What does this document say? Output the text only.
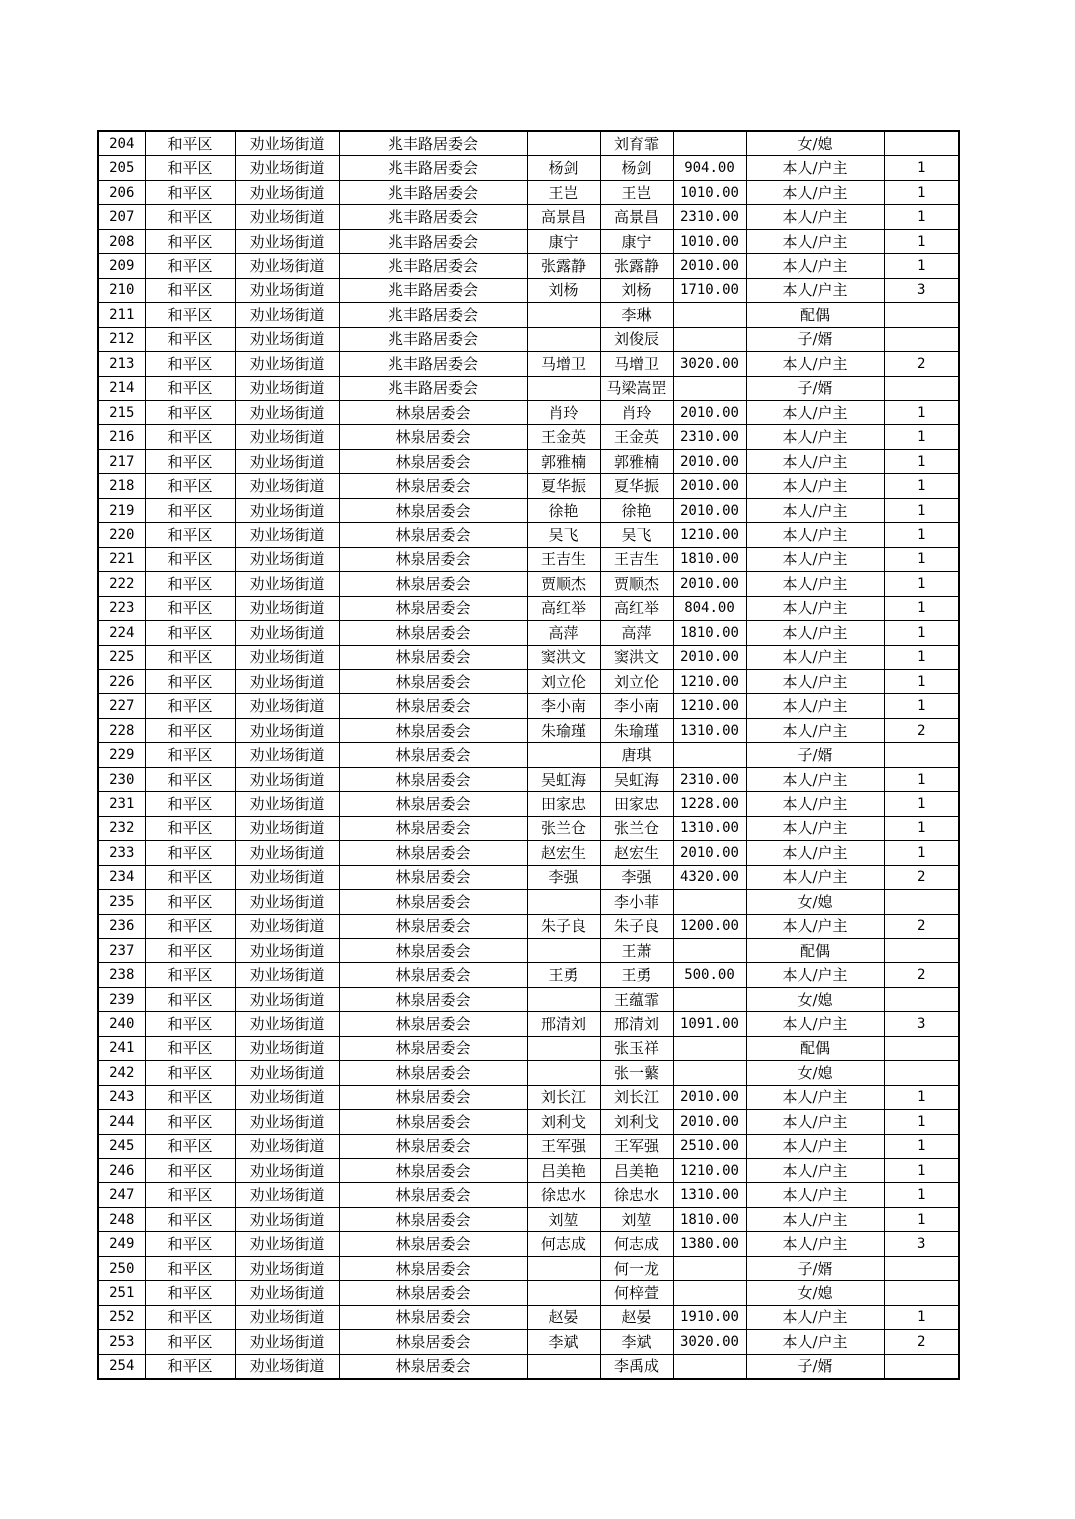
204	和平区	劝业场街道	兆丰路居委会		刘育霏		女/媳	
205	和平区	劝业场街道	兆丰路居委会	杨剑	杨剑	904.00	本人/户主	1
206	和平区	劝业场街道	兆丰路居委会	王岂	王岂	1010.00	本人/户主	1
207	和平区	劝业场街道	兆丰路居委会	高景昌	高景昌	2310.00	本人/户主	1
208	和平区	劝业场街道	兆丰路居委会	康宁	康宁	1010.00	本人/户主	1
209	和平区	劝业场街道	兆丰路居委会	张露静	张露静	2010.00	本人/户主	1
210	和平区	劝业场街道	兆丰路居委会	刘杨	刘杨	1710.00	本人/户主	3
211	和平区	劝业场街道	兆丰路居委会		李琳		配偶	
212	和平区	劝业场街道	兆丰路居委会		刘俊辰		子/婿	
213	和平区	劝业场街道	兆丰路居委会	马增卫	马增卫	3020.00	本人/户主	2
214	和平区	劝业场街道	兆丰路居委会		马梁嵩罡		子/婿	
215	和平区	劝业场街道	林泉居委会	肖玲	肖玲	2010.00	本人/户主	1
216	和平区	劝业场街道	林泉居委会	王金英	王金英	2310.00	本人/户主	1
217	和平区	劝业场街道	林泉居委会	郭雅楠	郭雅楠	2010.00	本人/户主	1
218	和平区	劝业场街道	林泉居委会	夏华振	夏华振	2010.00	本人/户主	1
219	和平区	劝业场街道	林泉居委会	徐艳	徐艳	2010.00	本人/户主	1
220	和平区	劝业场街道	林泉居委会	吴飞	吴飞	1210.00	本人/户主	1
221	和平区	劝业场街道	林泉居委会	王吉生	王吉生	1810.00	本人/户主	1
222	和平区	劝业场街道	林泉居委会	贾顺杰	贾顺杰	2010.00	本人/户主	1
223	和平区	劝业场街道	林泉居委会	高红举	高红举	804.00	本人/户主	1
224	和平区	劝业场街道	林泉居委会	高萍	高萍	1810.00	本人/户主	1
225	和平区	劝业场街道	林泉居委会	窦洪文	窦洪文	2010.00	本人/户主	1
226	和平区	劝业场街道	林泉居委会	刘立伦	刘立伦	1210.00	本人/户主	1
227	和平区	劝业场街道	林泉居委会	李小南	李小南	1210.00	本人/户主	1
228	和平区	劝业场街道	林泉居委会	朱瑜瑾	朱瑜瑾	1310.00	本人/户主	2
229	和平区	劝业场街道	林泉居委会		唐琪		子/婿	
230	和平区	劝业场街道	林泉居委会	吴虹海	吴虹海	2310.00	本人/户主	1
231	和平区	劝业场街道	林泉居委会	田家忠	田家忠	1228.00	本人/户主	1
232	和平区	劝业场街道	林泉居委会	张兰仓	张兰仓	1310.00	本人/户主	1
233	和平区	劝业场街道	林泉居委会	赵宏生	赵宏生	2010.00	本人/户主	1
234	和平区	劝业场街道	林泉居委会	李强	李强	4320.00	本人/户主	2
235	和平区	劝业场街道	林泉居委会		李小菲		女/媳	
236	和平区	劝业场街道	林泉居委会	朱子良	朱子良	1200.00	本人/户主	2
237	和平区	劝业场街道	林泉居委会		王萧		配偶	
238	和平区	劝业场街道	林泉居委会	王勇	王勇	500.00	本人/户主	2
239	和平区	劝业场街道	林泉居委会		王蕴霏		女/媳	
240	和平区	劝业场街道	林泉居委会	邢清刘	邢清刘	1091.00	本人/户主	3
241	和平区	劝业场街道	林泉居委会		张玉祥		配偶	
242	和平区	劝业场街道	林泉居委会		张一蘩		女/媳	
243	和平区	劝业场街道	林泉居委会	刘长江	刘长江	2010.00	本人/户主	1
244	和平区	劝业场街道	林泉居委会	刘利戈	刘利戈	2010.00	本人/户主	1
245	和平区	劝业场街道	林泉居委会	王军强	王军强	2510.00	本人/户主	1
246	和平区	劝业场街道	林泉居委会	吕美艳	吕美艳	1210.00	本人/户主	1
247	和平区	劝业场街道	林泉居委会	徐忠水	徐忠水	1310.00	本人/户主	1
248	和平区	劝业场街道	林泉居委会	刘堃	刘堃	1810.00	本人/户主	1
249	和平区	劝业场街道	林泉居委会	何志成	何志成	1380.00	本人/户主	3
250	和平区	劝业场街道	林泉居委会		何一龙		子/婿	
251	和平区	劝业场街道	林泉居委会		何梓萱		女/媳	
252	和平区	劝业场街道	林泉居委会	赵晏	赵晏	1910.00	本人/户主	1
253	和平区	劝业场街道	林泉居委会	李斌	李斌	3020.00	本人/户主	2
254	和平区	劝业场街道	林泉居委会		李禹成		子/婿	
